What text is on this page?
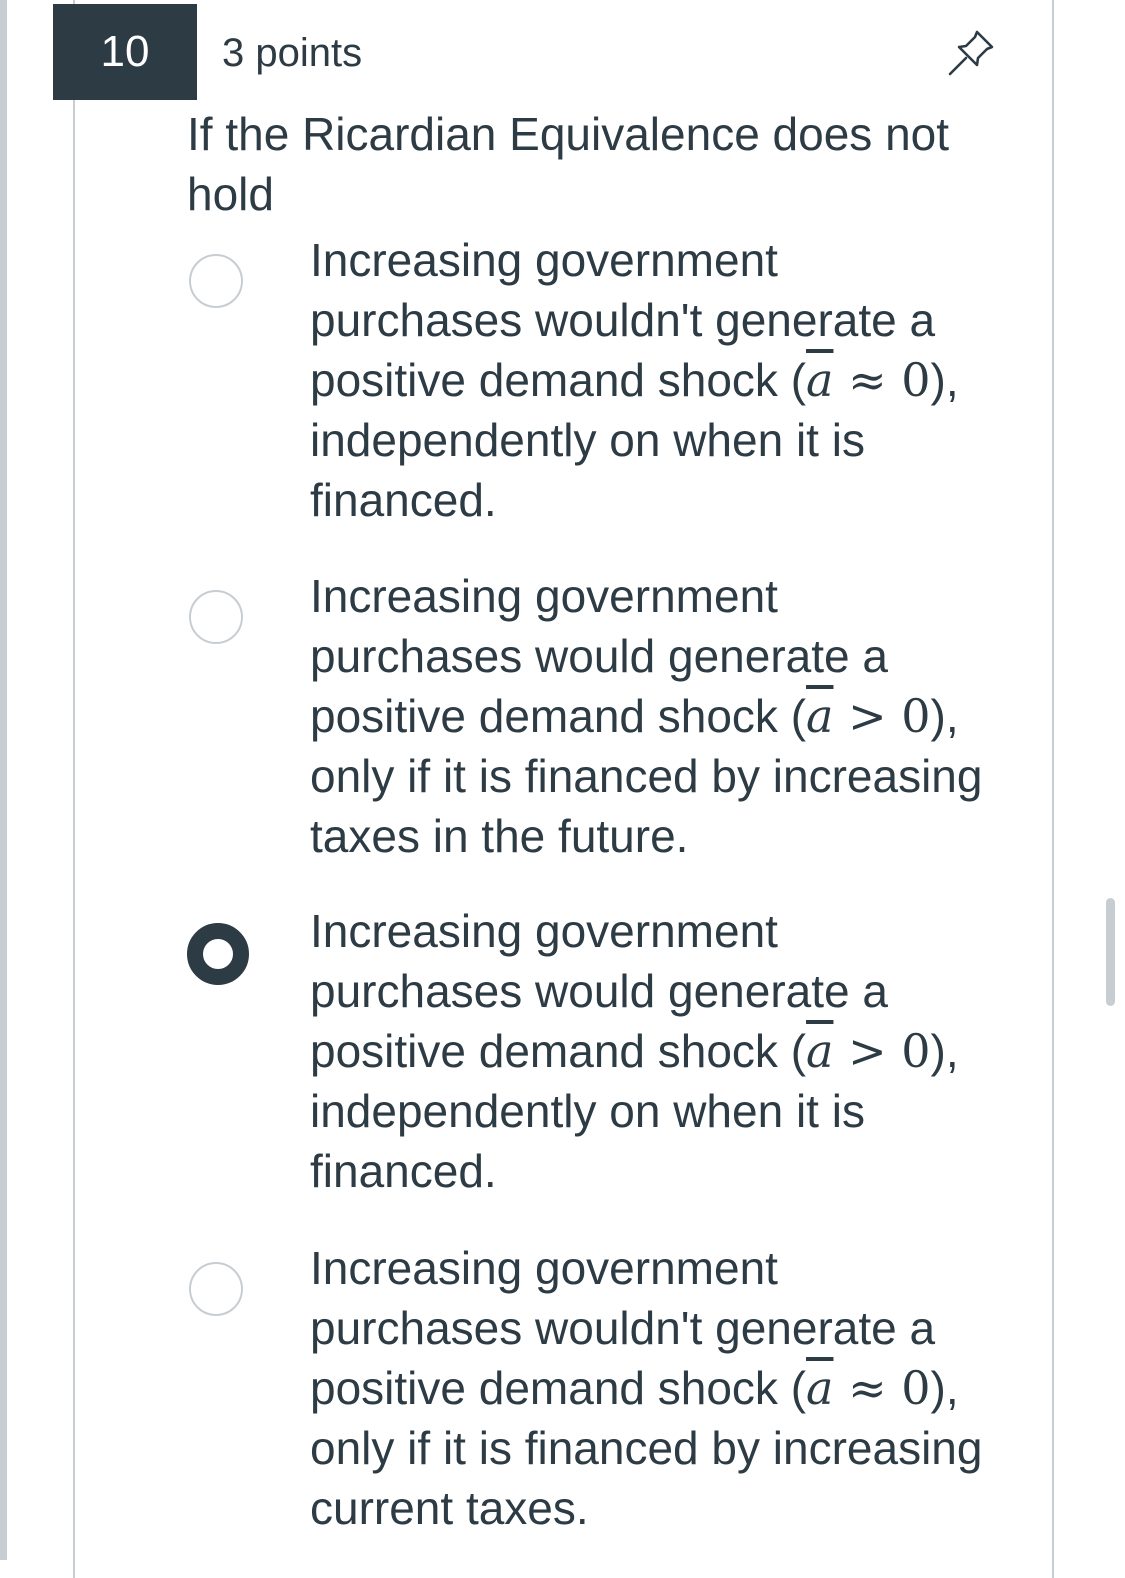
10	3 points
If the Ricardian Equivalence does not hold
Increasing government purchases wouldn't generate a positive demand shock $(\overline{a} \approx 0)$, independently on when it is financed.
Increasing government purchases would generate a positive demand shock $(\overline{a} > 0)$, only if it is financed by increasing taxes in the future.
Increasing government purchases would generate a positive demand shock $(\overline{a} > 0)$, independently on when it is financed.
Increasing government purchases wouldn't generate a positive demand shock $(\overline{a} \approx 0)$, only if it is financed by increasing current taxes.
